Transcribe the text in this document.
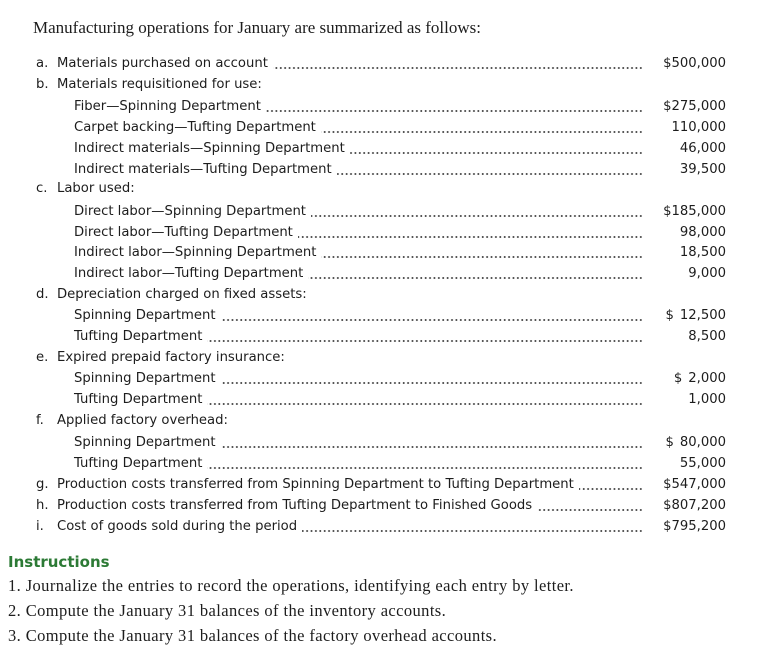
Manufacturing operations for January are summarized as follows:
a. Materials purchased on account	$500,000
b. Materials requisitioned for use:
Fiber—Spinning Department	$275,000
Carpet backing—Tufting Department	110,000
Indirect materials—Spinning Department	46,000
Indirect materials—Tufting Department	39,500
c. Labor used:
Direct labor—Spinning Department	$185,000
Direct labor—Tufting Department	98,000
Indirect labor—Spinning Department	18,500
Indirect labor—Tufting Department	9,000
d. Depreciation charged on fixed assets:
Spinning Department	$ 12,500
Tufting Department	8,500
e. Expired prepaid factory insurance:
Spinning Department	$ 2,000
Tufting Department	1,000
f. Applied factory overhead:
Spinning Department	$ 80,000
Tufting Department	55,000
g. Production costs transferred from Spinning Department to Tufting Department	$547,000
h. Production costs transferred from Tufting Department to Finished Goods	$807,200
i. Cost of goods sold during the period	$795,200
Instructions
1. Journalize the entries to record the operations, identifying each entry by letter.
2. Compute the January 31 balances of the inventory accounts.
3. Compute the January 31 balances of the factory overhead accounts.
